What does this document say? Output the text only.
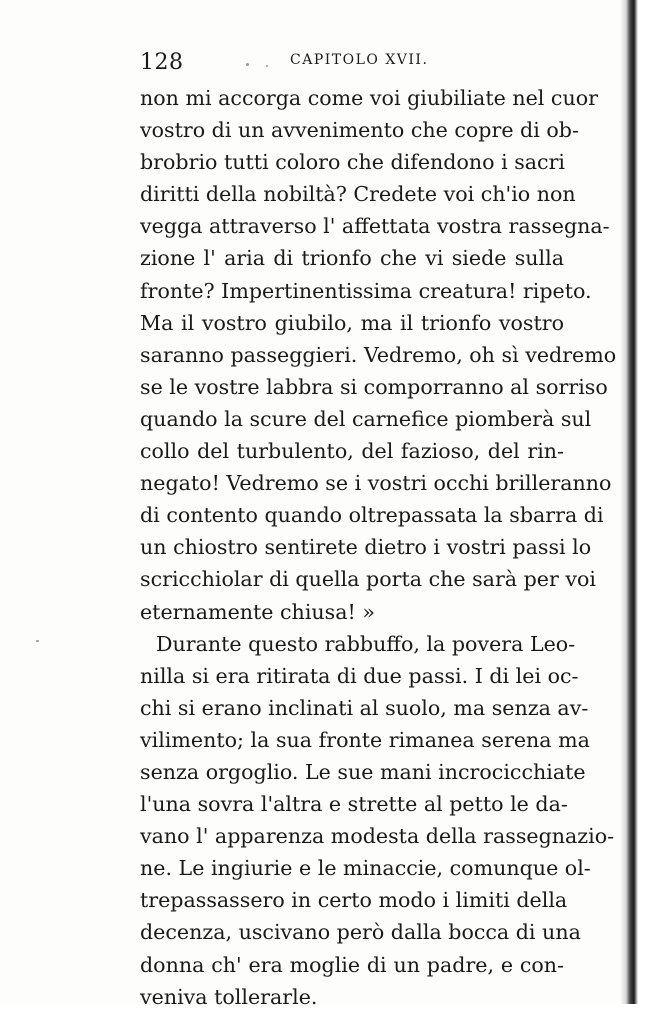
128	CAPITOLO XVII.
non mi accorga come voi giubiliate nel cuor
vostro di un avvenimento che copre di ob-
brobrio tutti coloro che difendono i sacri
diritti della nobiltà? Credete voi ch'io non
vegga attraverso l' affettata vostra rassegna-
zione l' aria di trionfo che vi siede sulla
fronte? Impertinentissima creatura! ripeto.
Ma il vostro giubilo, ma il trionfo vostro
saranno passeggieri. Vedremo, oh sì vedremo
se le vostre labbra si comporranno al sorriso
quando la scure del carnefice piomberà sul
collo del turbulento, del fazioso, del rin-
negato! Vedremo se i vostri occhi brilleranno
di contento quando oltrepassata la sbarra di
un chiostro sentirete dietro i vostri passi lo
scricchiolar di quella porta che sarà per voi
eternamente chiusa! »
Durante questo rabbuffo, la povera Leo-
nilla si era ritirata di due passi. I di lei oc-
chi si erano inclinati al suolo, ma senza av-
vilimento; la sua fronte rimanea serena ma
senza orgoglio. Le sue mani incrocicchiate
l'una sovra l'altra e strette al petto le da-
vano l' apparenza modesta della rassegnazio-
ne. Le ingiurie e le minaccie, comunque ol-
trepassassero in certo modo i limiti della
decenza, uscivano però dalla bocca di una
donna ch' era moglie di un padre, e con-
veniva tollerarle.
